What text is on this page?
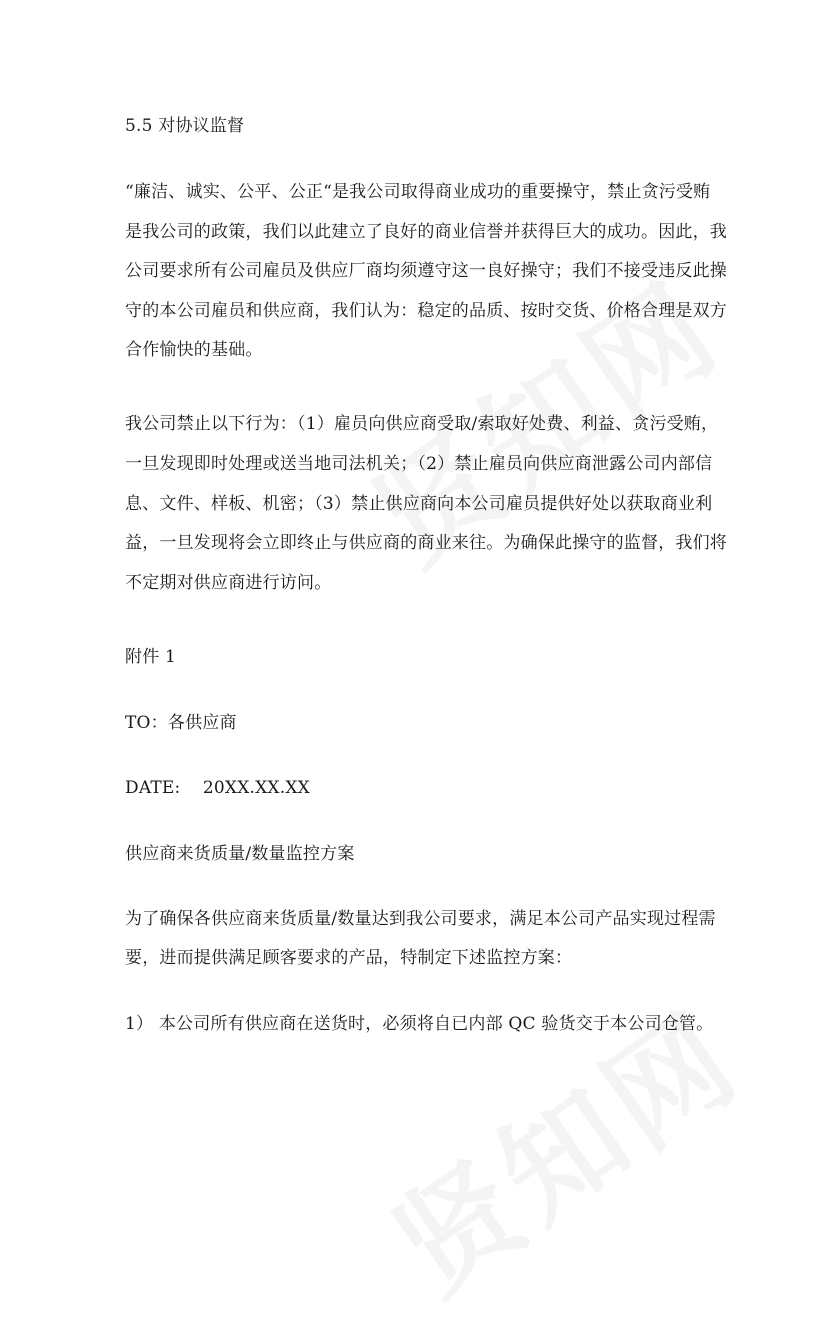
5.5 对协议监督
“廉洁、诚实、公平、公正“是我公司取得商业成功的重要操守，禁止贪污受贿
是我公司的政策，我们以此建立了良好的商业信誉并获得巨大的成功。因此，我
公司要求所有公司雇员及供应厂商均须遵守这一良好操守；我们不接受违反此操
守的本公司雇员和供应商，我们认为：稳定的品质、按时交货、价格合理是双方
合作愉快的基础。
我公司禁止以下行为：（1）雇员向供应商受取/索取好处费、利益、贪污受贿，
一旦发现即时处理或送当地司法机关；（2）禁止雇员向供应商泄露公司内部信
息、文件、样板、机密；（3）禁止供应商向本公司雇员提供好处以获取商业利
益，一旦发现将会立即终止与供应商的商业来往。为确保此操守的监督，我们将
不定期对供应商进行访问。
附件 1
TO：各供应商
DATE:    20XX.XX.XX
供应商来货质量/数量监控方案
为了确保各供应商来货质量/数量达到我公司要求，满足本公司产品实现过程需
要，进而提供满足顾客要求的产品，特制定下述监控方案：
1） 本公司所有供应商在送货时，必须将自已内部 QC 验货交于本公司仓管。
